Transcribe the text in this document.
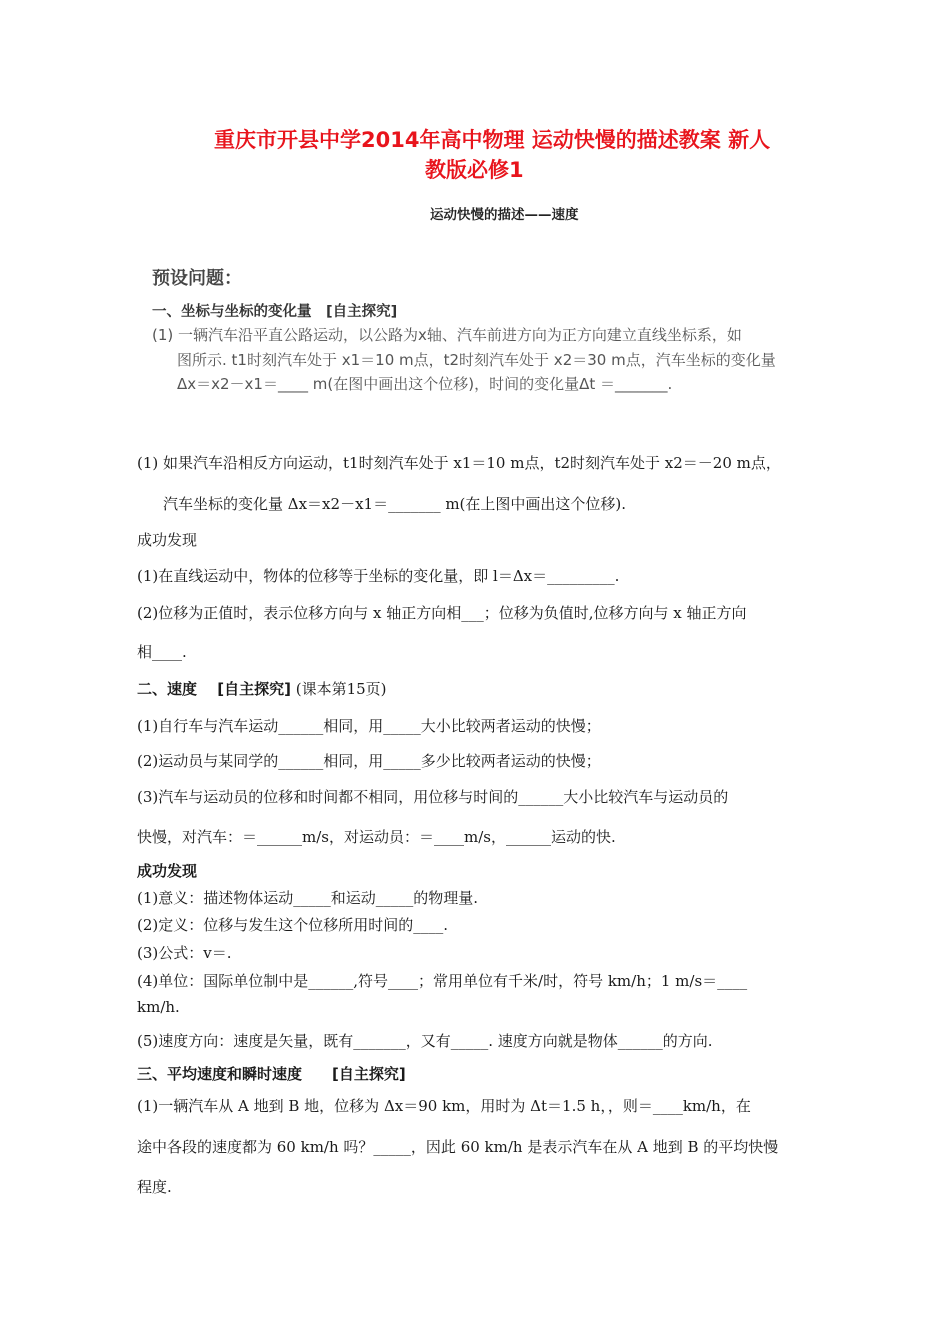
重庆市开县中学2014年高中物理 运动快慢的描述教案 新人
教版必修1
运动快慢的描述——速度
预设问题：
一、坐标与坐标的变化量　[自主探究]
(1) 一辆汽车沿平直公路运动，以公路为x轴、汽车前进方向为正方向建立直线坐标系，如
图所示. t1时刻汽车处于 x1＝10 m点，t2时刻汽车处于 x2＝30 m点，汽车坐标的变化量
Δx＝x2－x1＝____ m(在图中画出这个位移)，时间的变化量Δt ＝_______.
(1) 如果汽车沿相反方向运动，t1时刻汽车处于 x1＝10 m点，t2时刻汽车处于 x2＝－20 m点，
汽车坐标的变化量 Δx＝x2－x1＝_______ m(在上图中画出这个位移).
成功发现
(1)在直线运动中，物体的位移等于坐标的变化量，即 l＝Δx＝_________.
(2)位移为正值时，表示位移方向与 x 轴正方向相___；位移为负值时,位移方向与 x 轴正方向
相____.
二、速度　 [自主探究] (课本第15页)
(1)自行车与汽车运动______相同，用_____大小比较两者运动的快慢；
(2)运动员与某同学的______相同，用_____多少比较两者运动的快慢；
(3)汽车与运动员的位移和时间都不相同，用位移与时间的______大小比较汽车与运动员的
快慢，对汽车：＝______m/s，对运动员：＝____m/s，______运动的快.
成功发现
(1)意义：描述物体运动_____和运动_____的物理量.
(2)定义：位移与发生这个位移所用时间的____.
(3)公式：v＝.
(4)单位：国际单位制中是______,符号____；常用单位有千米/时，符号 km/h；1 m/s＝____
km/h.
(5)速度方向：速度是矢量，既有_______，又有_____. 速度方向就是物体______的方向.
三、平均速度和瞬时速度　　[自主探究]
(1)一辆汽车从 A 地到 B 地，位移为 Δx＝90 km，用时为 Δt＝1.5 h，，则＝____km/h，在
途中各段的速度都为 60 km/h 吗？_____，因此 60 km/h 是表示汽车在从 A 地到 B 的平均快慢
程度.
